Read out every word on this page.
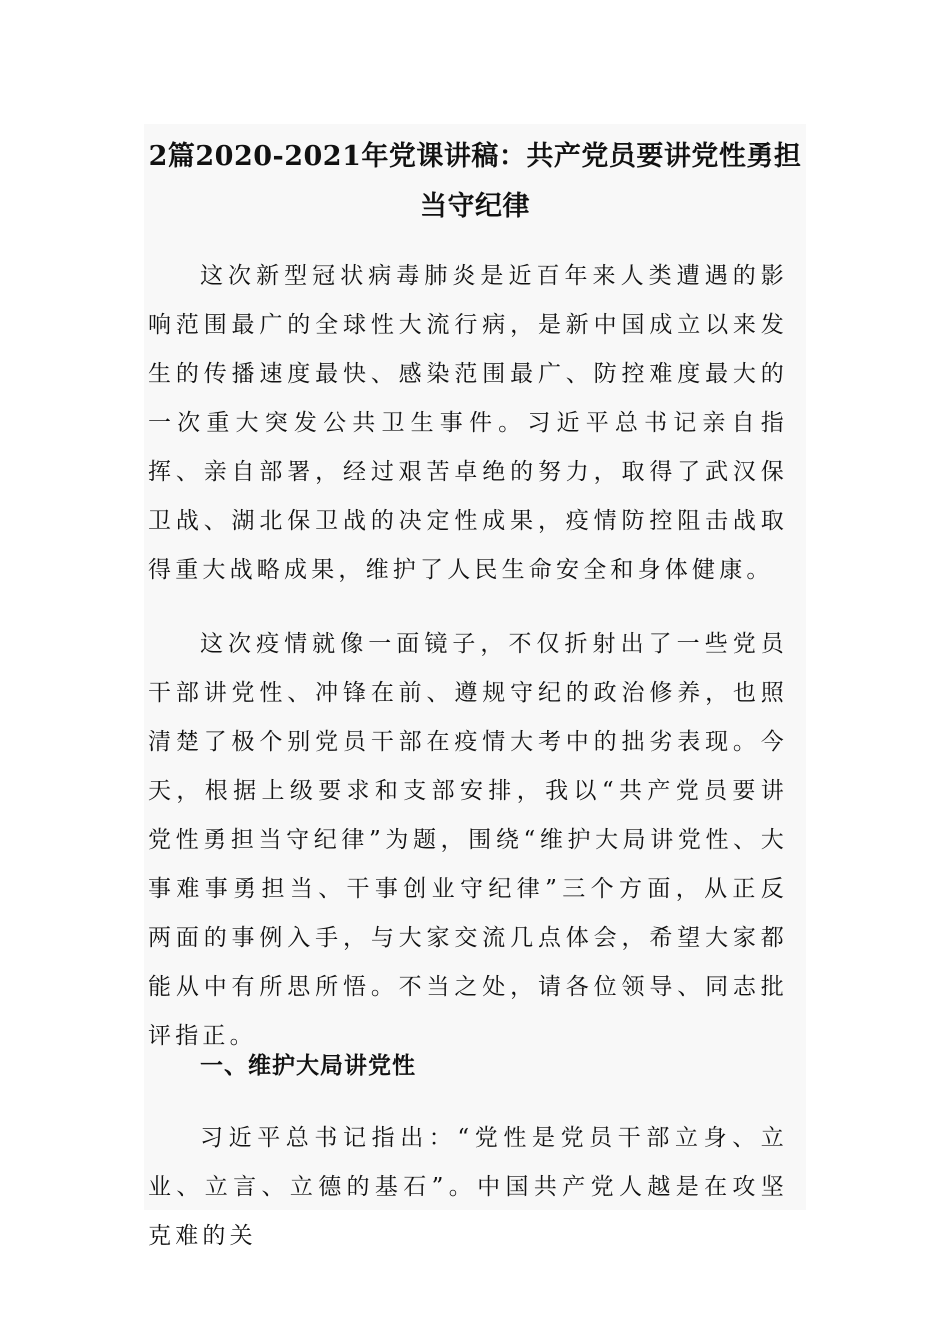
2篇2020-2021年党课讲稿：共产党员要讲党性勇担当守纪律

这次新型冠状病毒肺炎是近百年来人类遭遇的影响范围最广的全球性大流行病，是新中国成立以来发生的传播速度最快、感染范围最广、防控难度最大的一次重大突发公共卫生事件。习近平总书记亲自指挥、亲自部署，经过艰苦卓绝的努力，取得了武汉保卫战、湖北保卫战的决定性成果，疫情防控阻击战取得重大战略成果，维护了人民生命安全和身体健康。

这次疫情就像一面镜子，不仅折射出了一些党员干部讲党性、冲锋在前、遵规守纪的政治修养，也照清楚了极个别党员干部在疫情大考中的拙劣表现。今天，根据上级要求和支部安排，我以“共产党员要讲党性勇担当守纪律”为题，围绕“维护大局讲党性、大事难事勇担当、干事创业守纪律”三个方面，从正反两面的事例入手，与大家交流几点体会，希望大家都能从中有所思所悟。不当之处，请各位领导、同志批评指正。

一、维护大局讲党性

习近平总书记指出：“党性是党员干部立身、立业、立言、立德的基石”。中国共产党人越是在攻坚克难的关
